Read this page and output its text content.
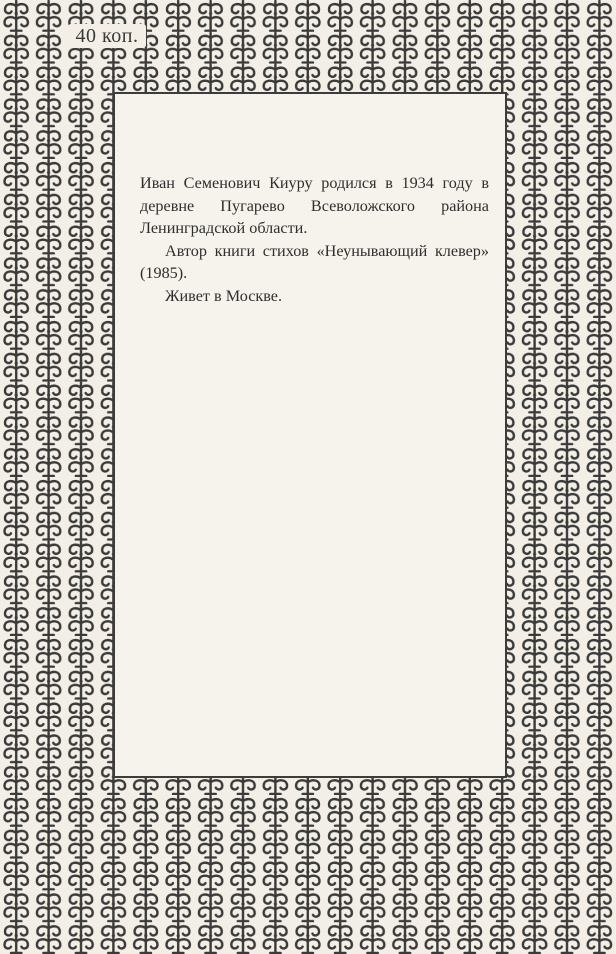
40 коп.

Иван Семенович Киуру родился в 1934 году в деревне Пугарево Всеволожского района Ленинградской области.

Автор книги стихов «Неунывающий клевер» (1985).

Живет в Москве.
